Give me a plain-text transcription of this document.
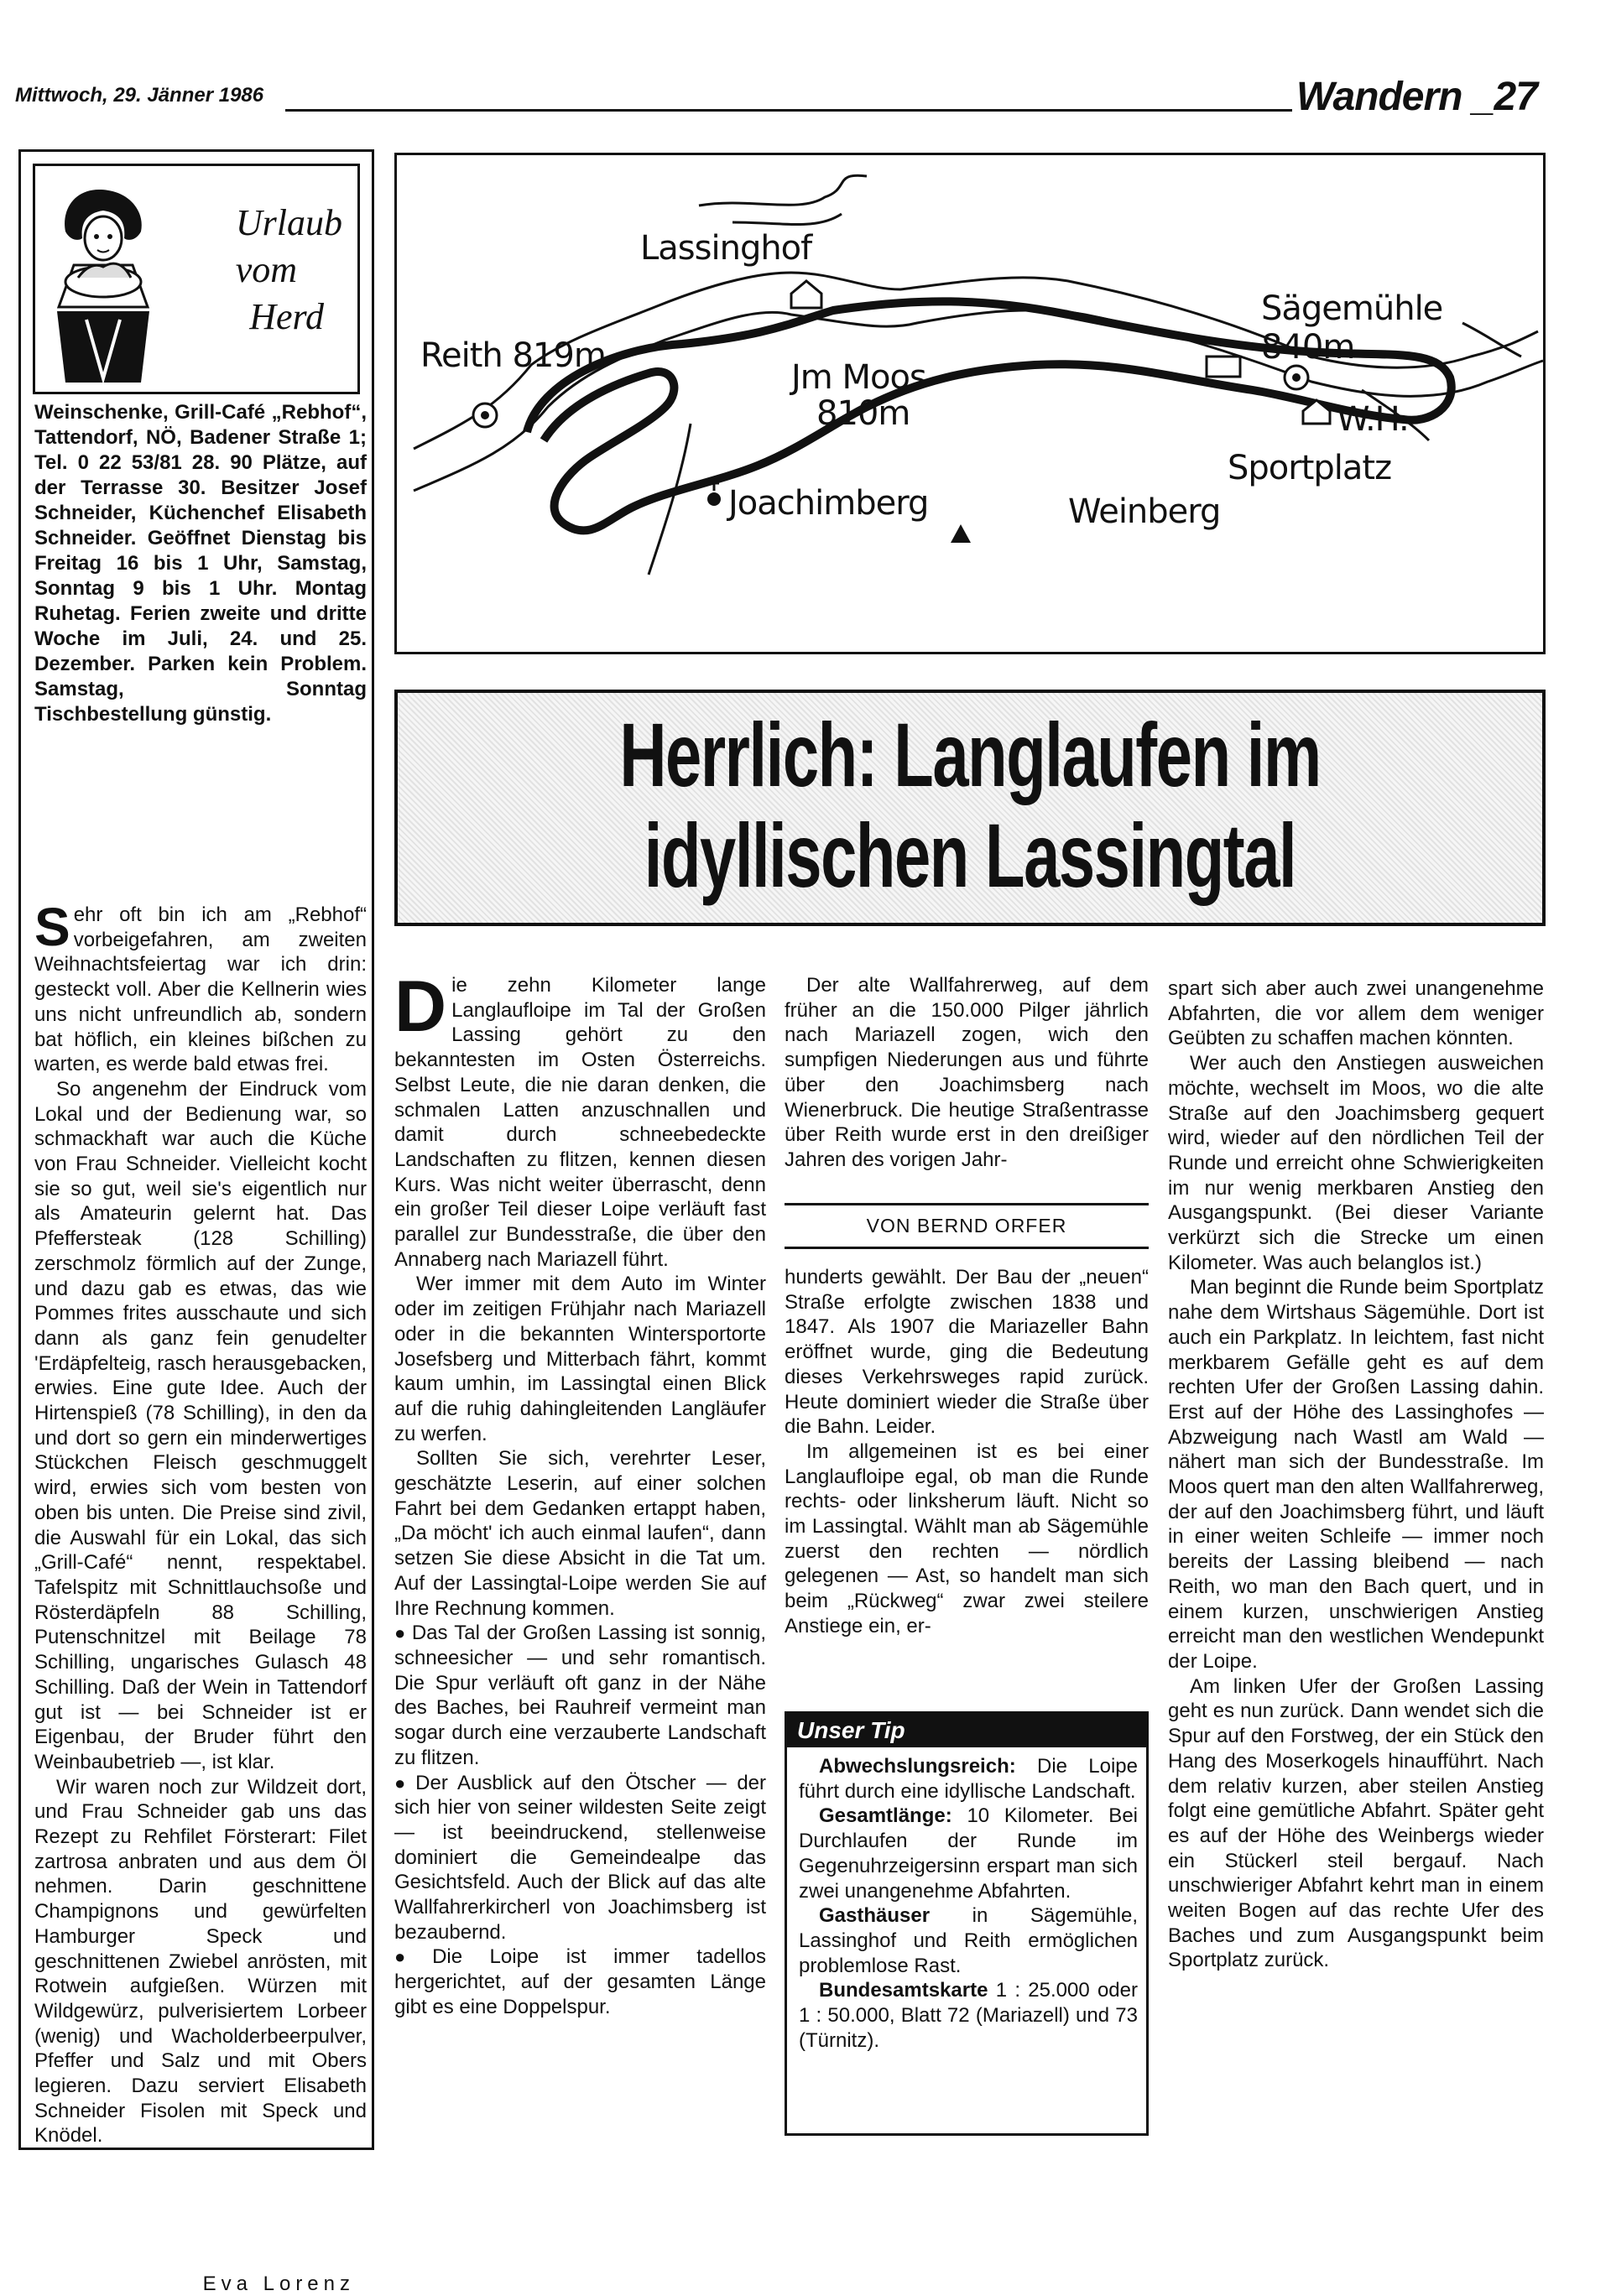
Mittwoch, 29. Jänner 1986	Wandern _27
Urlaub
vom
Herd
Weinschenke, Grill-Café „Rebhof“, Tattendorf, NÖ, Badener Straße 1; Tel. 0 22 53/81 28. 90 Plätze, auf der Terrasse 30. Besitzer Josef Schneider, Küchenchef Elisabeth Schneider. Geöffnet Dienstag bis Freitag 16 bis 1 Uhr, Samstag, Sonntag 9 bis 1 Uhr. Montag Ruhetag. Ferien zweite und dritte Woche im Juli, 24. und 25. Dezember. Parken kein Problem. Samstag, Sonntag Tischbestellung günstig.
S ehr oft bin ich am „Rebhof“ vorbeigefahren, am zweiten Weihnachtsfeiertag war ich drin: gesteckt voll. Aber die Kellnerin wies uns nicht unfreundlich ab, sondern bat höflich, ein kleines bißchen zu warten, es werde bald etwas frei.

So angenehm der Eindruck vom Lokal und der Bedienung war, so schmackhaft war auch die Küche von Frau Schneider. Vielleicht kocht sie so gut, weil sie's eigentlich nur als Amateurin gelernt hat. Das Pfeffersteak (128 Schilling) zerschmolz förmlich auf der Zunge, und dazu gab es etwas, das wie Pommes frites ausschaute und sich dann als ganz fein genudelter 'Erdäpfelteig, rasch herausgebacken, erwies. Eine gute Idee. Auch der Hirtenspieß (78 Schilling), in den da und dort so gern ein minderwertiges Stückchen Fleisch geschmuggelt wird, erwies sich vom besten von oben bis unten. Die Preise sind zivil, die Auswahl für ein Lokal, das sich „Grill-Café“ nennt, respektabel. Tafelspitz mit Schnittlauchsoße und Rösterdäpfeln 88 Schilling, Putenschnitzel mit Beilage 78 Schilling, ungarisches Gulasch 48 Schilling. Daß der Wein in Tattendorf gut ist — bei Schneider ist er Eigenbau, der Bruder führt den Weinbaubetrieb —, ist klar.

Wir waren noch zur Wildzeit dort, und Frau Schneider gab uns das Rezept zu Rehfilet Försterart: Filet zartrosa anbraten und aus dem Öl nehmen. Darin geschnittene Champignons und gewürfelten Hamburger Speck und geschnittenen Zwiebel anrösten, mit Rotwein aufgießen. Würzen mit Wildgewürz, pulverisiertem Lorbeer (wenig) und Wacholderbeerpulver, Pfeffer und Salz und mit Obers legieren. Dazu serviert Elisabeth Schneider Fisolen mit Speck und Knödel.

Eva Lorenz
Lassinghof
Sägemühle 840m
Reith 819m
Jm Moos
810m	W.H.
Sportplatz
Joachimberg	Weinberg
Herrlich: Langlaufen im
idyllischen Lassingtal
D ie zehn Kilometer lange Langlaufloipe im Tal der Großen Lassing gehört zu den bekanntesten im Osten Österreichs. Selbst Leute, die nie daran denken, die schmalen Latten anzuschnallen und damit durch schneebedeckte Landschaften zu flitzen, kennen diesen Kurs. Was nicht weiter überrascht, denn ein großer Teil dieser Loipe verläuft fast parallel zur Bundesstraße, die über den Annaberg nach Mariazell führt.

Wer immer mit dem Auto im Winter oder im zeitigen Frühjahr nach Mariazell oder in die bekannten Wintersportorte Josefsberg und Mitterbach fährt, kommt kaum umhin, im Lassingtal einen Blick auf die ruhig dahingleitenden Langläufer zu werfen.

Sollten Sie sich, verehrter Leser, geschätzte Leserin, auf einer solchen Fahrt bei dem Gedanken ertappt haben, „Da möcht' ich auch einmal laufen“, dann setzen Sie diese Absicht in die Tat um. Auf der Lassingtal-Loipe werden Sie auf Ihre Rechnung kommen.

● Das Tal der Großen Lassing ist sonnig, schneesicher — und sehr romantisch. Die Spur verläuft oft ganz in der Nähe des Baches, bei Rauhreif vermeint man sogar durch eine verzauberte Landschaft zu flitzen.

● Der Ausblick auf den Ötscher — der sich hier von seiner wildesten Seite zeigt — ist beeindruckend, stellenweise dominiert die Gemeindealpe das Gesichtsfeld. Auch der Blick auf das alte Wallfahrerkircherl von Joachimsberg ist bezaubernd.

● Die Loipe ist immer tadellos hergerichtet, auf der gesamten Länge gibt es eine Doppelspur.

Der alte Wallfahrerweg, auf dem früher an die 150.000 Pilger jährlich nach Mariazell zogen, wich den sumpfigen Niederungen aus und führte über den Joachimsberg nach Wienerbruck. Die heutige Straßentrasse über Reith wurde erst in den dreißiger Jahren des vorigen Jahr-

VON BERND ORFER

hunderts gewählt. Der Bau der „neuen“ Straße erfolgte zwischen 1838 und 1847. Als 1907 die Mariazeller Bahn eröffnet wurde, ging die Bedeutung dieses Verkehrsweges rapid zurück. Heute dominiert wieder die Straße über die Bahn. Leider.

Im allgemeinen ist es bei einer Langlaufloipe egal, ob man die Runde rechts- oder linksherum läuft. Nicht so im Lassingtal. Wählt man ab Sägemühle zuerst den rechten — nördlich gelegenen — Ast, so handelt man sich beim „Rückweg“ zwar zwei steilere Anstiege ein, er-

Unser Tip

Abwechslungsreich: Die Loipe führt durch eine idyllische Landschaft.

Gesamtlänge: 10 Kilometer. Bei Durchlaufen der Runde im Gegenuhrzeigersinn erspart man sich zwei unangenehme Abfahrten.

Gasthäuser in Sägemühle, Lassinghof und Reith ermöglichen problemlose Rast.

Bundesamtskarte 1 : 25.000 oder 1 : 50.000, Blatt 72 (Mariazell) und 73 (Türnitz).

spart sich aber auch zwei unangenehme Abfahrten, die vor allem dem weniger Geübten zu schaffen machen könnten.

Wer auch den Anstiegen ausweichen möchte, wechselt im Moos, wo die alte Straße auf den Joachimsberg gequert wird, wieder auf den nördlichen Teil der Runde und erreicht ohne Schwierigkeiten im nur wenig merkbaren Anstieg den Ausgangspunkt. (Bei dieser Variante verkürzt sich die Strecke um einen Kilometer. Was auch belanglos ist.)

Man beginnt die Runde beim Sportplatz nahe dem Wirtshaus Sägemühle. Dort ist auch ein Parkplatz. In leichtem, fast nicht merkbarem Gefälle geht es auf dem rechten Ufer der Großen Lassing dahin. Erst auf der Höhe des Lassinghofes — Abzweigung nach Wastl am Wald — nähert man sich der Bundesstraße. Im Moos quert man den alten Wallfahrerweg, der auf den Joachimsberg führt, und läuft in einer weiten Schleife — immer noch bereits der Lassing bleibend — nach Reith, wo man den Bach quert, und in einem kurzen, unschwierigen Anstieg erreicht man den westlichen Wendepunkt der Loipe.

Am linken Ufer der Großen Lassing geht es nun zurück. Dann wendet sich die Spur auf den Forstweg, der ein Stück den Hang des Moserkogels hinaufführt. Nach dem relativ kurzen, aber steilen Anstieg folgt eine gemütliche Abfahrt. Später geht es auf der Höhe des Weinbergs wieder ein Stückerl steil bergauf. Nach unschwieriger Abfahrt kehrt man in einem weiten Bogen auf das rechte Ufer des Baches und zum Ausgangspunkt beim Sportplatz zurück.
